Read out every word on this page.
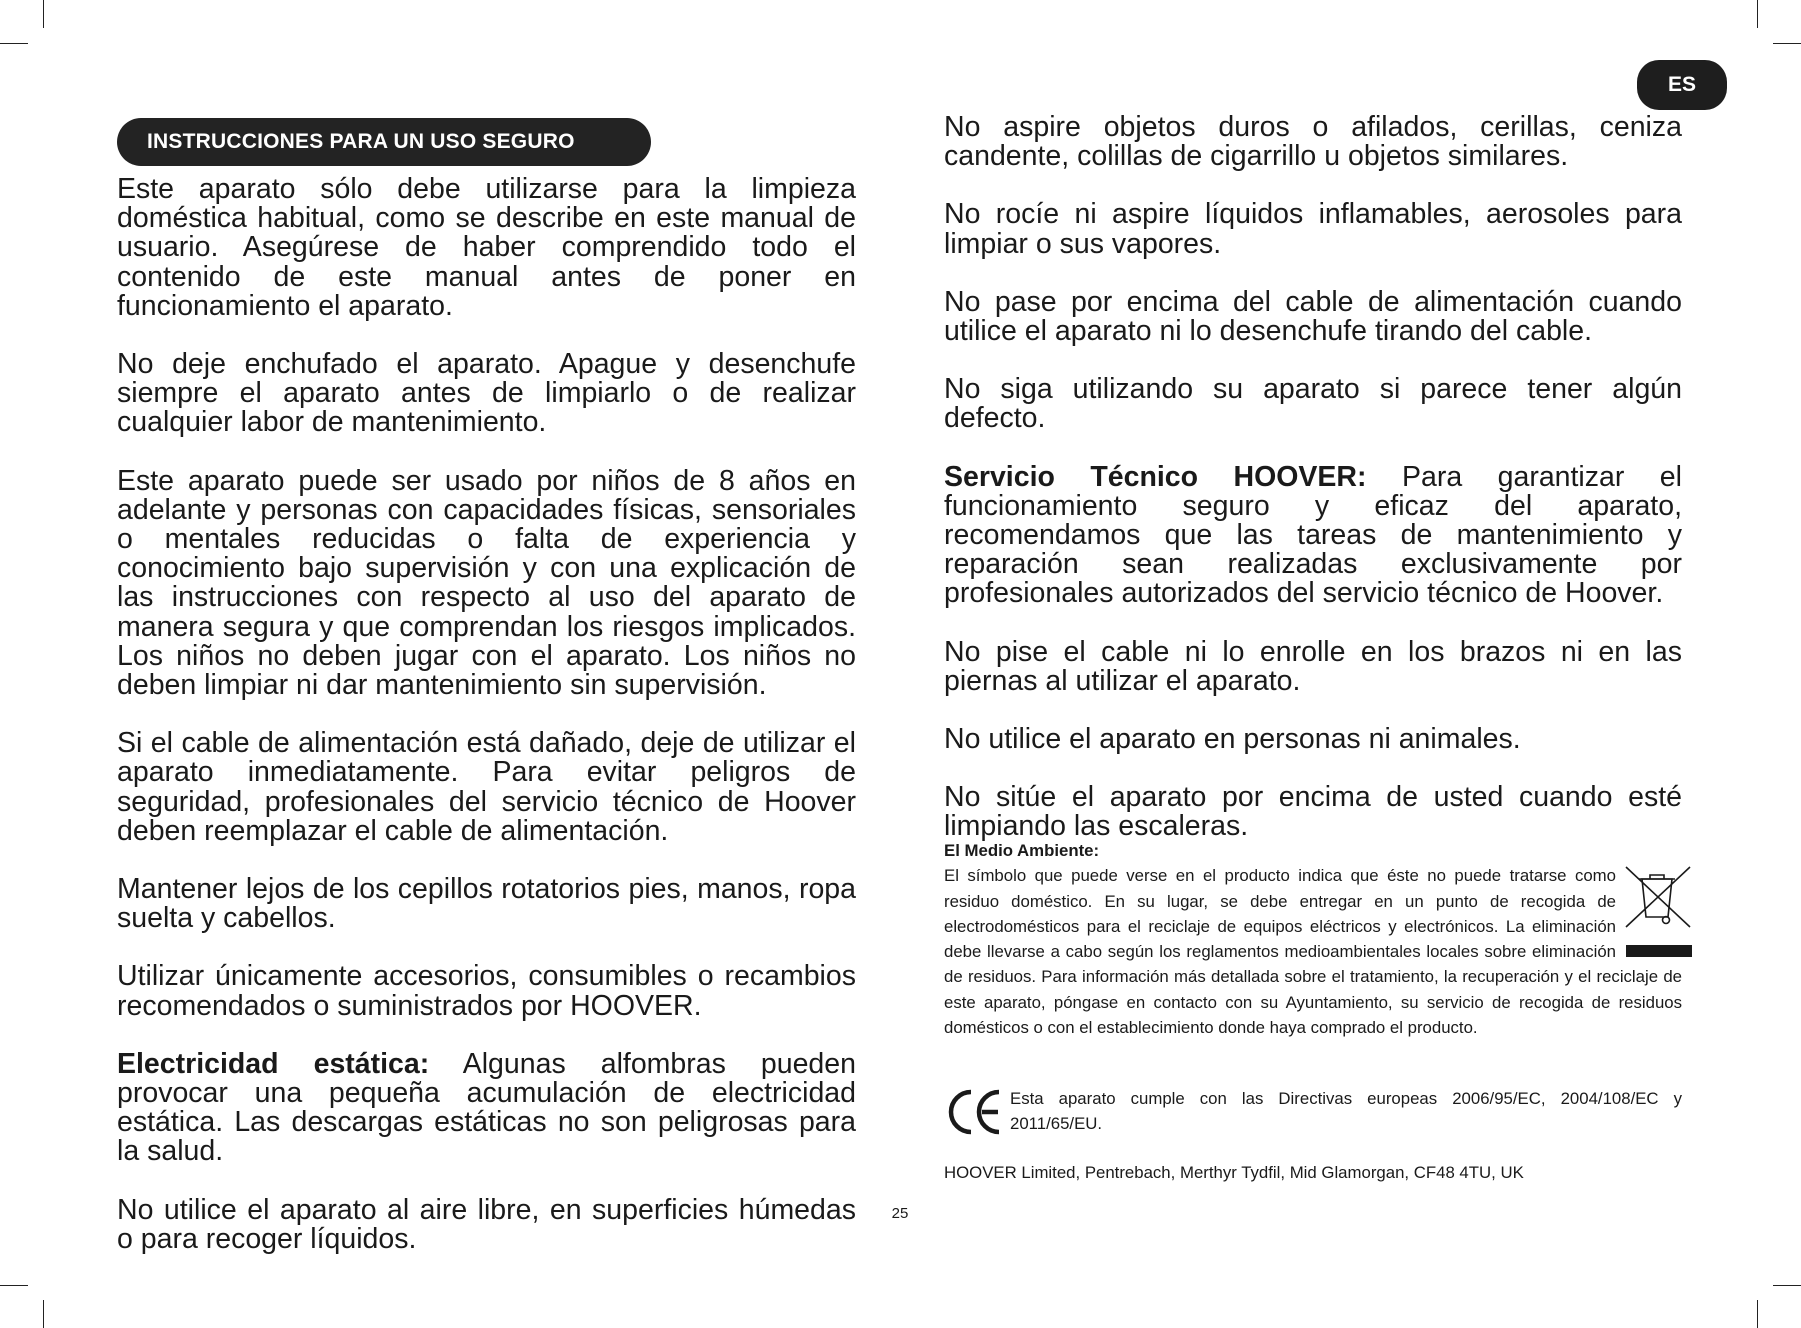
ES
INSTRUCCIONES PARA UN USO SEGURO

Este aparato sólo debe utilizarse para la limpieza doméstica habitual, como se describe en este manual de usuario. Asegúrese de haber comprendido todo el contenido de este manual antes de poner en funcionamiento el aparato.

No deje enchufado el aparato. Apague y desenchufe siempre el aparato antes de limpiarlo o de realizar cualquier labor de mantenimiento.

Este aparato puede ser usado por niños de 8 años en adelante y personas con capacidades físicas, sensoriales o mentales reducidas o falta de experiencia y conocimiento bajo supervisión y con una explicación de las instrucciones con respecto al uso del aparato de manera segura y que comprendan los riesgos implicados. Los niños no deben jugar con el aparato. Los niños no deben limpiar ni dar mantenimiento sin supervisión.

Si el cable de alimentación está dañado, deje de utilizar el aparato inmediatamente. Para evitar peligros de seguridad, profesionales del servicio técnico de Hoover deben reemplazar el cable de alimentación.

Mantener lejos de los cepillos rotatorios pies, manos, ropa suelta y cabellos.

Utilizar únicamente accesorios, consumibles o recambios recomendados o suministrados por HOOVER.

Electricidad estática: Algunas alfombras pueden provocar una pequeña acumulación de electricidad estática. Las descargas estáticas no son peligrosas para la salud.

No utilice el aparato al aire libre, en superficies húmedas o para recoger líquidos.

No aspire objetos duros o afilados, cerillas, ceniza candente, colillas de cigarrillo u objetos similares.

No rocíe ni aspire líquidos inflamables, aerosoles para limpiar o sus vapores.

No pase por encima del cable de alimentación cuando utilice el aparato ni lo desenchufe tirando del cable.

No siga utilizando su aparato si parece tener algún defecto.

Servicio Técnico HOOVER: Para garantizar el funcionamiento seguro y eficaz del aparato, recomendamos que las tareas de mantenimiento y reparación sean realizadas exclusivamente por profesionales autorizados del servicio técnico de Hoover.

No pise el cable ni lo enrolle en los brazos ni en las piernas al utilizar el aparato.

No utilice el aparato en personas ni animales.

No sitúe el aparato por encima de usted cuando esté limpiando las escaleras.

El Medio Ambiente:
El símbolo que puede verse en el producto indica que éste no puede tratarse como residuo doméstico. En su lugar, se debe entregar en un punto de recogida de electrodomésticos para el reciclaje de equipos eléctricos y electrónicos. La eliminación debe llevarse a cabo según los reglamentos medioambientales locales sobre eliminación de residuos. Para información más detallada sobre el tratamiento, la recuperación y el reciclaje de este aparato, póngase en contacto con su Ayuntamiento, su servicio de recogida de residuos domésticos o con el establecimiento donde haya comprado el producto.
Esta aparato cumple con las Directivas europeas 2006/95/EC, 2004/108/EC y 2011/65/EU.
HOOVER Limited, Pentrebach, Merthyr Tydfil, Mid Glamorgan, CF48 4TU, UK
25
